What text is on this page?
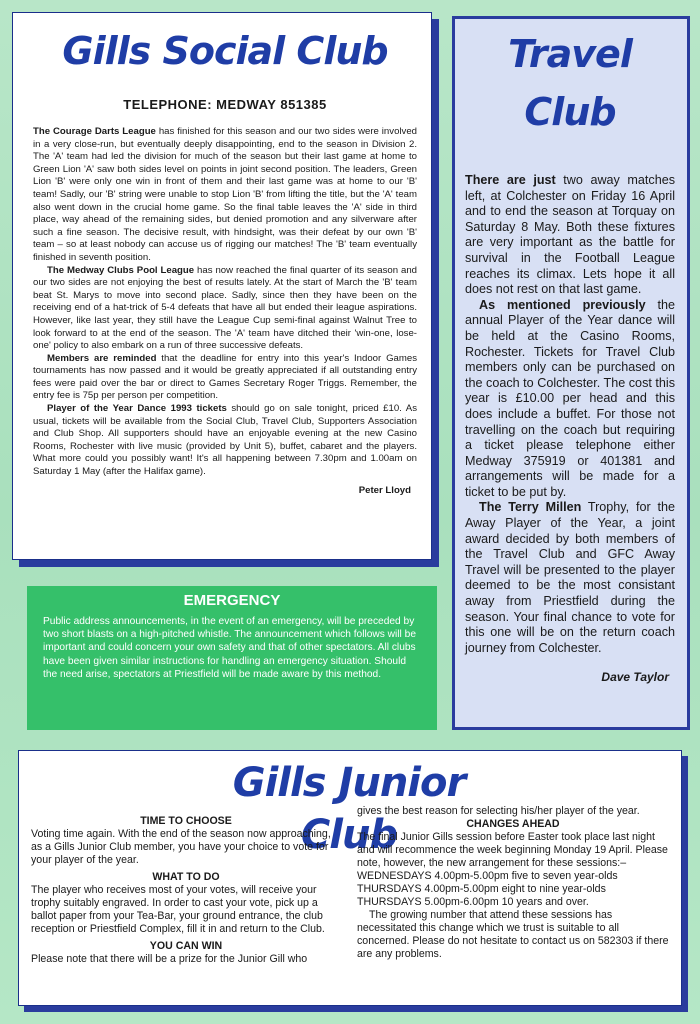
Gills Social Club
TELEPHONE: MEDWAY 851385

The Courage Darts League has finished for this season and our two sides were involved in a very close-run, but eventually deeply disappointing, end to the season in Division 2. The 'A' team had led the division for much of the season but their last game at home to Green Lion 'A' saw both sides level on points in joint second position. The leaders, Green Lion 'B' were only one win in front of them and their last game was at home to our 'B' team! Sadly, our 'B' string were unable to stop Lion 'B' from lifting the title, but the 'A' team also went down in the crucial home game. So the final table leaves the 'A' side in third place, way ahead of the remaining sides, but denied promotion and any silverware after such a fine season. The decisive result, with hindsight, was their defeat by our own 'B' team – so at least nobody can accuse us of rigging our matches! The 'B' team eventually finished in seventh position.

The Medway Clubs Pool League has now reached the final quarter of its season and our two sides are not enjoying the best of results lately. At the start of March the 'B' team beat St. Marys to move into second place. Sadly, since then they have been on the receiving end of a hat-trick of 5-4 defeats that have all but ended their league aspirations. However, like last year, they still have the League Cup semi-final against Walnut Tree to look forward to at the end of the season. The 'A' team have ditched their 'win-one, lose-one' policy to also embark on a run of three successive defeats.

Members are reminded that the deadline for entry into this year's Indoor Games tournaments has now passed and it would be greatly appreciated if all outstanding entry fees were paid over the bar or direct to Games Secretary Roger Triggs. Remember, the entry fee is 75p per person per competition.

Player of the Year Dance 1993 tickets should go on sale tonight, priced £10. As usual, tickets will be available from the Social Club, Travel Club, Supporters Association and Club Shop. All supporters should have an enjoyable evening at the new Casino Rooms, Rochester with live music (provided by Unit 5), buffet, cabaret and the players. What more could you possibly want! It's all happening between 7.30pm and 1.00am on Saturday 1 May (after the Halifax game).

Peter Lloyd
Travel Club

There are just two away matches left, at Colchester on Friday 16 April and to end the season at Torquay on Saturday 8 May. Both these fixtures are very important as the battle for survival in the Football League reaches its climax. Lets hope it all does not rest on that last game.

As mentioned previously the annual Player of the Year dance will be held at the Casino Rooms, Rochester. Tickets for Travel Club members only can be purchased on the coach to Colchester. The cost this year is £10.00 per head and this does include a buffet. For those not travelling on the coach but requiring a ticket please telephone either Medway 375919 or 401381 and arrangements will be made for a ticket to be put by.

The Terry Millen Trophy, for the Away Player of the Year, a joint award decided by both members of the Travel Club and GFC Away Travel will be presented to the player deemed to be the most consistant away from Priestfield during the season. Your final chance to vote for this one will be on the return coach journey from Colchester.

Dave Taylor
EMERGENCY
Public address announcements, in the event of an emergency, will be preceded by two short blasts on a high-pitched whistle. The announcement which follows will be important and could concern your own safety and that of other spectators. All clubs have been given similar instructions for handling an emergency situation. Should the need arise, spectators at Priestfield will be made aware by this method.
Gills Junior Club

TIME TO CHOOSE

Voting time again. With the end of the season now approaching, as a Gills Junior Club member, you have your choice to vote for your player of the year.

WHAT TO DO

The player who receives most of your votes, will receive your trophy suitably engraved. In order to cast your vote, pick up a ballot paper from your Tea-Bar, your ground entrance, the club reception or Priestfield Complex, fill it in and return to the Club.

YOU CAN WIN

Please note that there will be a prize for the Junior Gill who

gives the best reason for selecting his/her player of the year.

CHANGES AHEAD

The final Junior Gills session before Easter took place last night and will recommence the week beginning Monday 19 April. Please note, however, the new arrangement for these sessions:–

WEDNESDAYS 4.00pm-5.00pm five to seven year-olds

THURSDAYS 4.00pm-5.00pm eight to nine year-olds

THURSDAYS 5.00pm-6.00pm 10 years and over.

The growing number that attend these sessions has necessitated this change which we trust is suitable to all concerned. Please do not hesitate to contact us on 582303 if there are any problems.
